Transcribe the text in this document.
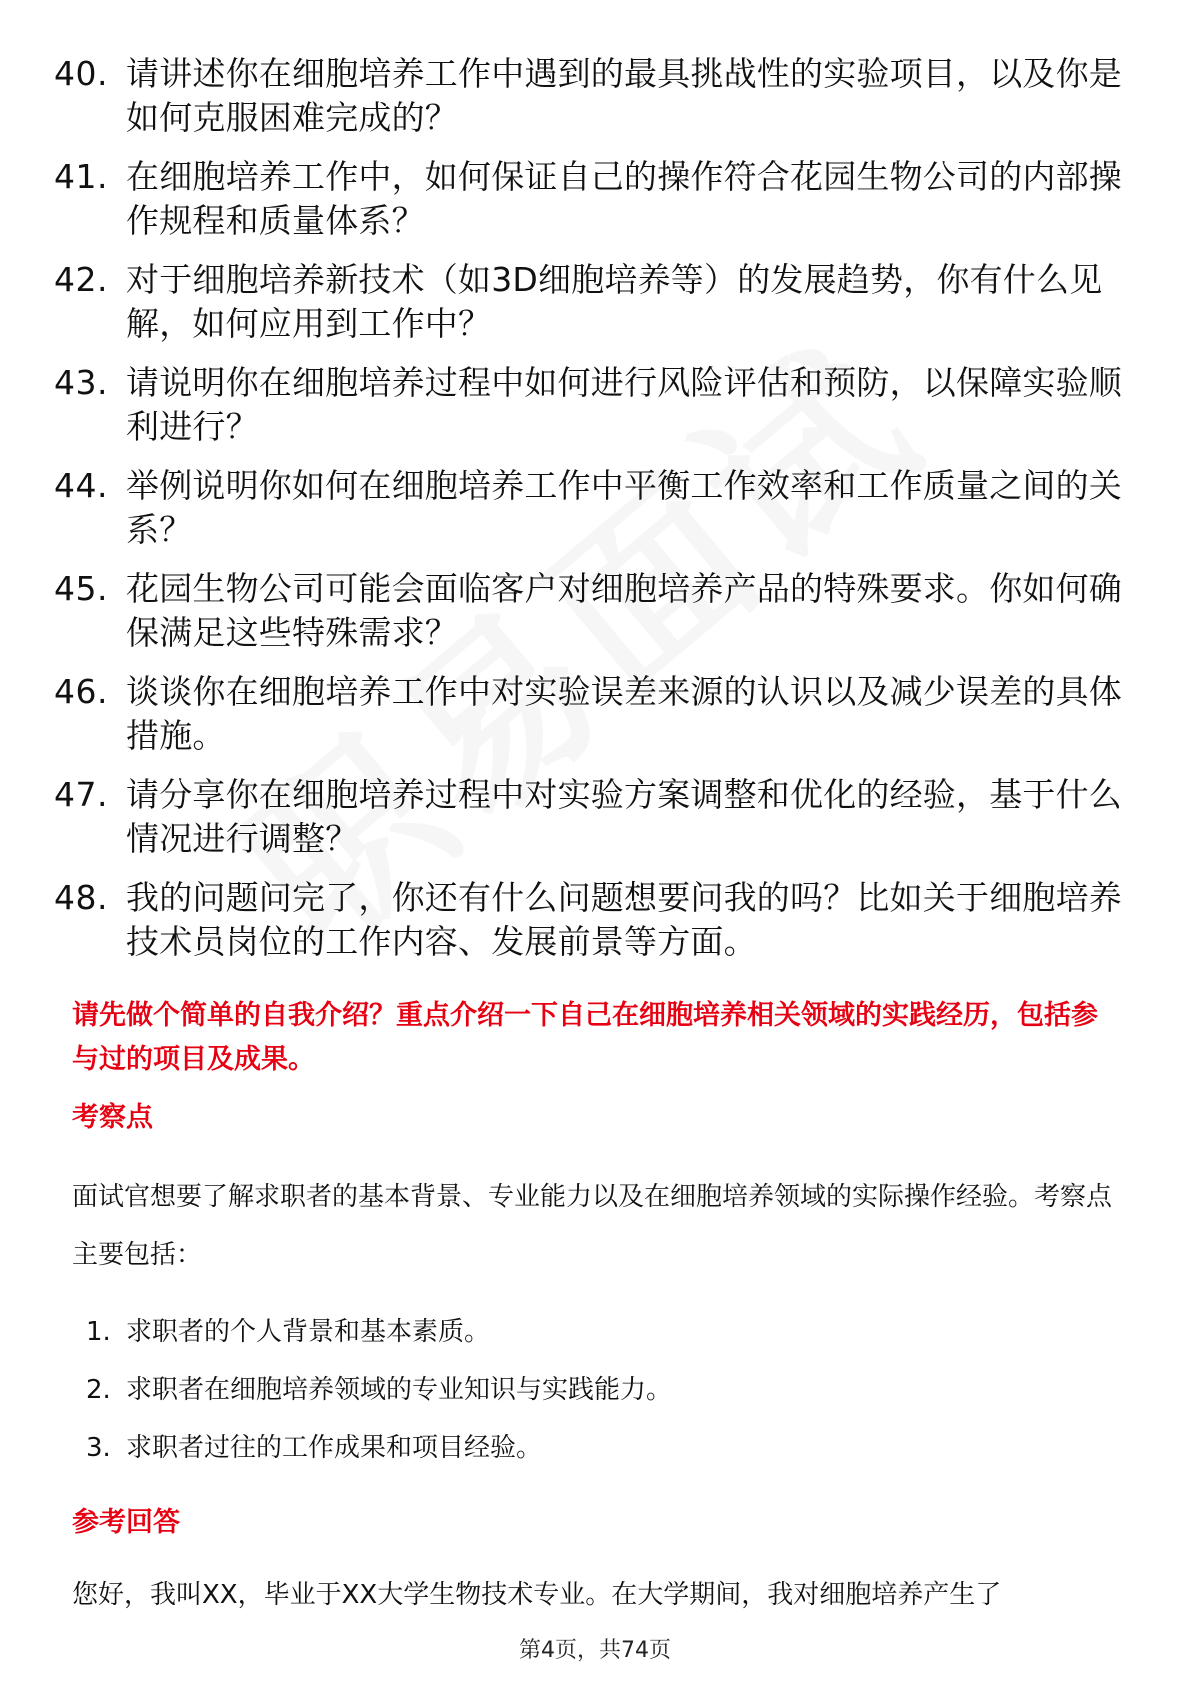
40. 请讲述你在细胞培养工作中遇到的最具挑战性的实验项目，以及你是如何克服困难完成的？
41. 在细胞培养工作中，如何保证自己的操作符合花园生物公司的内部操作规程和质量体系？
42. 对于细胞培养新技术（如3D细胞培养等）的发展趋势，你有什么见解，如何应用到工作中？
43. 请说明你在细胞培养过程中如何进行风险评估和预防，以保障实验顺利进行？
44. 举例说明你如何在细胞培养工作中平衡工作效率和工作质量之间的关系？
45. 花园生物公司可能会面临客户对细胞培养产品的特殊要求。你如何确保满足这些特殊需求？
46. 谈谈你在细胞培养工作中对实验误差来源的认识以及减少误差的具体措施。
47. 请分享你在细胞培养过程中对实验方案调整和优化的经验，基于什么情况进行调整？
48. 我的问题问完了，你还有什么问题想要问我的吗？比如关于细胞培养技术员岗位的工作内容、发展前景等方面。
请先做个简单的自我介绍？重点介绍一下自己在细胞培养相关领域的实践经历，包括参与过的项目及成果。
考察点
面试官想要了解求职者的基本背景、专业能力以及在细胞培养领域的实际操作经验。考察点主要包括：
1. 求职者的个人背景和基本素质。
2. 求职者在细胞培养领域的专业知识与实践能力。
3. 求职者过往的工作成果和项目经验。
参考回答
您好，我叫XX，毕业于XX大学生物技术专业。在大学期间，我对细胞培养产生了
第4页，共74页
